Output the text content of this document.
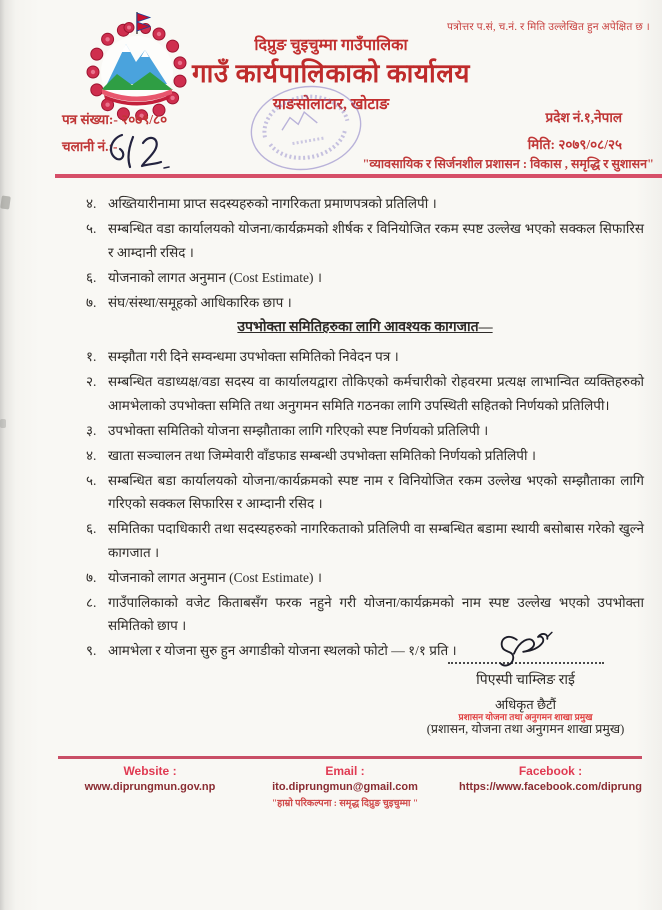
पत्रोत्तर प.सं, च.नं. र मिति उल्लेखित हुन अपेक्षित छ ।
दिप्रुङ चुइचुम्मा गाउँपालिका
गाउँ कार्यपालिकाको कार्यालय
याङसोलाटार, खोटाङ
पत्र संख्या:- २०७९/८०
चलानी नं.:-
प्रदेश नं.१,नेपाल
मिति: २०७९/०८/२५
"व्यावसायिक र सिर्जनशील प्रशासन : विकास , समृद्धि र सुशासन"
४. अख्तियारीनामा प्राप्त सदस्यहरुको नागरिकता प्रमाणपत्रको प्रतिलिपी ।
५. सम्बन्धित वडा कार्यालयको योजना/कार्यक्रमको शीर्षक र विनियोजित रकम स्पष्ट उल्लेख भएको सक्कल सिफारिस र आम्दानी रसिद ।
६. योजनाको लागत अनुमान (Cost Estimate) ।
७. संघ/संस्था/समूहको आधिकारिक छाप ।
उपभोक्ता समितिहरुका लागि आवश्यक कागजात—
१. सम्झौता गरी दिने सम्वन्धमा उपभोक्ता समितिको निवेदन पत्र ।
२. सम्बन्धित वडाध्यक्ष/वडा सदस्य वा कार्यालयद्वारा तोकिएको कर्मचारीको रोहवरमा प्रत्यक्ष लाभान्वित व्यक्तिहरुको आमभेलाको उपभोक्ता समिति तथा अनुगमन समिति गठनका लागि उपस्थिती सहितको निर्णयको प्रतिलिपी।
३. उपभोक्ता समितिको योजना सम्झौताका लागि गरिएको स्पष्ट निर्णयको प्रतिलिपी ।
४. खाता सञ्चालन तथा जिम्मेवारी वाँडफाड सम्बन्धी उपभोक्ता समितिको निर्णयको प्रतिलिपी ।
५. सम्बन्धित बडा कार्यालयको योजना/कार्यक्रमको स्पष्ट नाम र विनियोजित रकम उल्लेख भएको सम्झौताका लागि गरिएको सक्कल सिफारिस र आम्दानी रसिद ।
६. समितिका पदाधिकारी तथा सदस्यहरुको नागरिकताको प्रतिलिपी वा सम्बन्धित बडामा स्थायी बसोबास गरेको खुल्ने कागजात ।
७. योजनाको लागत अनुमान (Cost Estimate) ।
८. गाउँपालिकाको वजेट किताबसँग फरक नहुने गरी योजना/कार्यक्रमको नाम स्पष्ट उल्लेख भएको उपभोक्ता समितिको छाप ।
९. आमभेला र योजना सुरु हुन अगाडीको योजना स्थलको फोटो — १/१ प्रति ।
पिएस्पी चाम्लिङ राई
अधिकृत छैटौं
प्रशासन योजना तथा अनुगमन शाखा प्रमुख
(प्रशासन, योजना तथा अनुगमन शाखा प्रमुख)
Website :
www.diprungmun.gov.np
Email :
ito.diprungmun@gmail.com
"हाम्रो परिकल्पना : समृद्ध दिप्रुङ चुइचुम्मा "
Facebook :
https://www.facebook.com/diprung
